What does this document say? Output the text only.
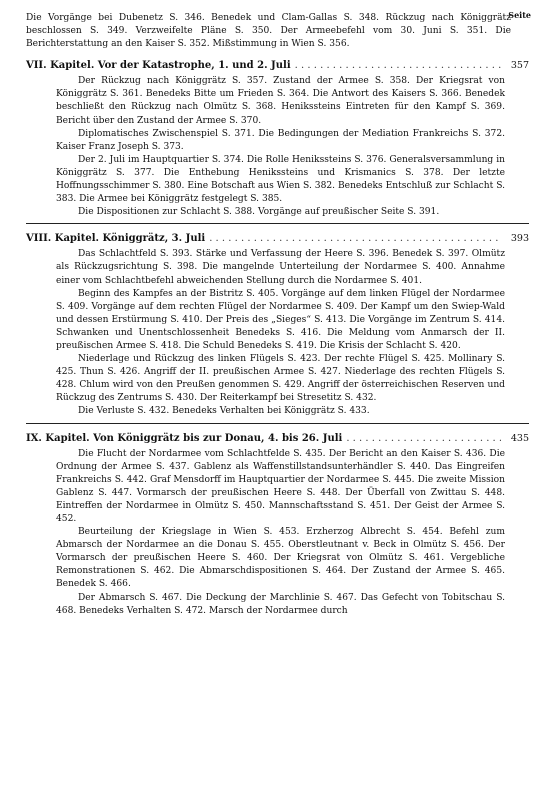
Seite

Die Vorgänge bei Dubenetz S. 346. Benedek und Clam-Gallas S. 348. Rückzug nach Königgrätz beschlossen S. 349. Verzweifelte Pläne S. 350. Der Armeebefehl vom 30. Juni S. 351. Die Berichterstattung an den Kaiser S. 352. Mißstimmung in Wien S. 356.

VII. Kapitel. Vor der Katastrophe, 1. und 2. Juli . . .	357

Der Rückzug nach Königgrätz S. 357. Zustand der Armee S. 358. Der Kriegsrat von Königgrätz S. 361. Benedeks Bitte um Frieden S. 364. Die Antwort des Kaisers S. 366. Benedek beschließt den Rückzug nach Olmütz S. 368. Henikssteins Eintreten für den Kampf S. 369. Bericht über den Zustand der Armee S. 370.

Diplomatisches Zwischenspiel S. 371. Die Bedingungen der Mediation Frankreichs S. 372. Kaiser Franz Joseph S. 373.

Der 2. Juli im Hauptquartier S. 374. Die Rolle Henikssteins S. 376. Generalsversammlung in Königgrätz S. 377. Die Enthebung Henikssteins und Krismanics S. 378. Der letzte Hoffnungsschimmer S. 380. Eine Botschaft aus Wien S. 382. Benedeks Entschluß zur Schlacht S. 383. Die Armee bei Königgrätz festgelegt S. 385.

Die Dispositionen zur Schlacht S. 388. Vorgänge auf preußischer Seite S. 391.

VIII. Kapitel. Königgrätz, 3. Juli . . .	393

Das Schlachtfeld S. 393. Stärke und Verfassung der Heere S. 396. Benedek S. 397. Olmütz als Rückzugsrichtung S. 398. Die mangelnde Unterteilung der Nordarmee S. 400. Annahme einer vom Schlachtbefehl abweichenden Stellung durch die Nordarmee S. 401.

Beginn des Kampfes an der Bistritz S. 405. Vorgänge auf dem linken Flügel der Nordarmee S. 409. Vorgänge auf dem rechten Flügel der Nordarmee S. 409. Der Kampf um den Swiep-Wald und dessen Erstürmung S. 410. Der Preis des „Sieges“ S. 413. Die Vorgänge im Zentrum S. 414. Schwanken und Unentschlossenheit Benedeks S. 416. Die Meldung vom Anmarsch der II. preußischen Armee S. 418. Die Schuld Benedeks S. 419. Die Krisis der Schlacht S. 420.

Niederlage und Rückzug des linken Flügels S. 423. Der rechte Flügel S. 425. Mollinary S. 425. Thun S. 426. Angriff der II. preußischen Armee S. 427. Niederlage des rechten Flügels S. 428. Chlum wird von den Preußen genommen S. 429. Angriff der österreichischen Reserven und Rückzug des Zentrums S. 430. Der Reiterkampf bei Stresetitz S. 432.

Die Verluste S. 432. Benedeks Verhalten bei Königgrätz S. 433.

IX. Kapitel. Von Königgrätz bis zur Donau, 4. bis 26. Juli . . .	435

Die Flucht der Nordarmee vom Schlachtfelde S. 435. Der Bericht an den Kaiser S. 436. Die Ordnung der Armee S. 437. Gablenz als Waffenstillstandsunterhändler S. 440. Das Eingreifen Frankreichs S. 442. Graf Mensdorff im Hauptquartier der Nordarmee S. 445. Die zweite Mission Gablenz S. 447. Vormarsch der preußischen Heere S. 448. Der Überfall von Zwittau S. 448. Eintreffen der Nordarmee in Olmütz S. 450. Mannschaftsstand S. 451. Der Geist der Armee S. 452.

Beurteilung der Kriegslage in Wien S. 453. Erzherzog Albrecht S. 454. Befehl zum Abmarsch der Nordarmee an die Donau S. 455. Oberstleutnant v. Beck in Olmütz S. 456. Der Vormarsch der preußischen Heere S. 460. Der Kriegsrat von Olmütz S. 461. Vergebliche Remonstrationen S. 462. Die Abmarschdispositionen S. 464. Der Zustand der Armee S. 465. Benedek S. 466.

Der Abmarsch S. 467. Die Deckung der Marchlinie S. 467. Das Gefecht von Tobitschau S. 468. Benedeks Verhalten S. 472. Marsch der Nordarmee durch
